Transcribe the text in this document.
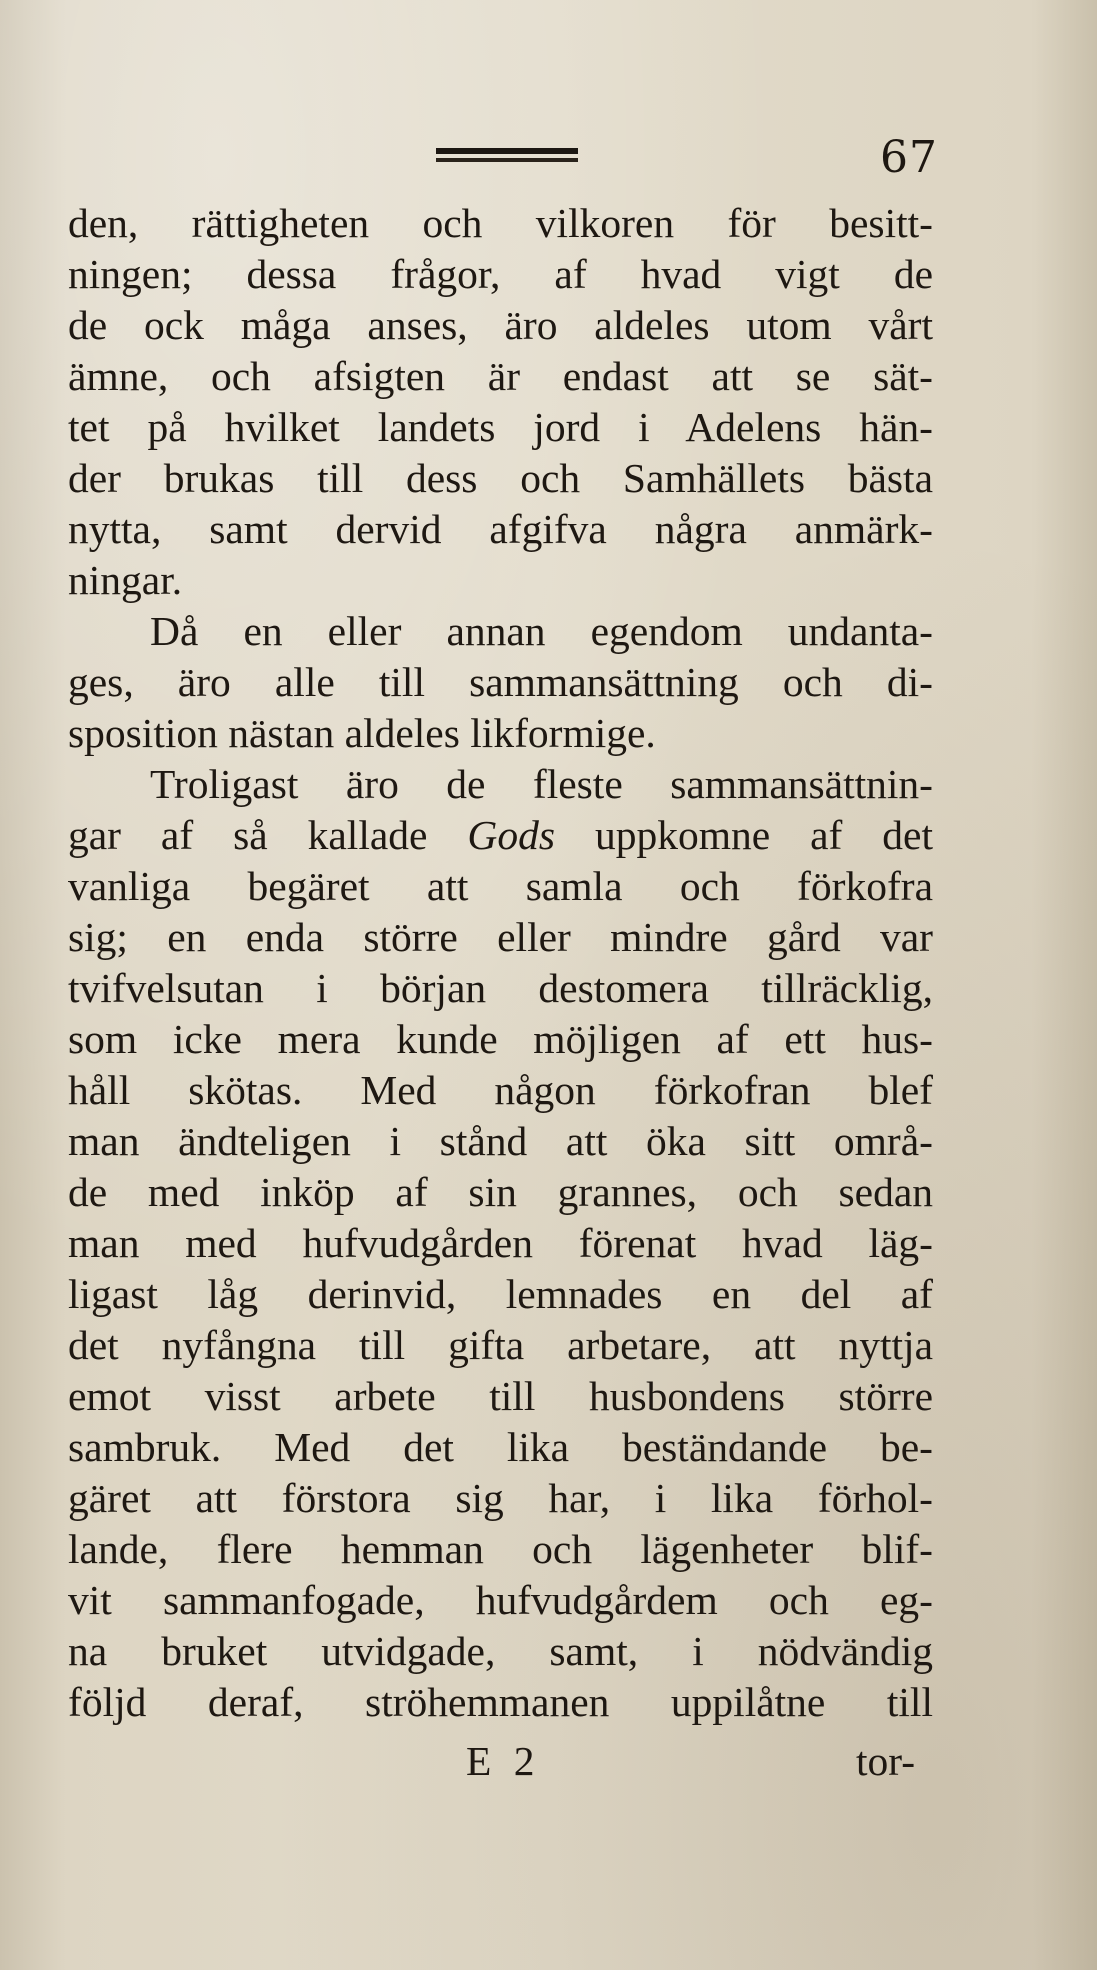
67
den, rättigheten och vilkoren för besitt-
ningen; dessa frågor, af hvad vigt de
de ock måga anses, äro aldeles utom vårt
ämne, och afsigten är endast att se sät-
tet på hvilket landets jord i Adelens hän-
der brukas till dess och Samhällets bästa
nytta, samt dervid afgifva några anmärk-
ningar.
Då en eller annan egendom undanta-
ges, äro alle till sammansättning och di-
sposition nästan aldeles likformige.
Troligast äro de fleste sammansättnin-
gar af så kallade Gods uppkomne af det
vanliga begäret att samla och förkofra
sig; en enda större eller mindre gård var
tvifvelsutan i början destomera tillräcklig,
som icke mera kunde möjligen af ett hus-
håll skötas. Med någon förkofran blef
man ändteligen i stånd att öka sitt områ-
de med inköp af sin grannes, och sedan
man med hufvudgården förenat hvad läg-
ligast låg derinvid, lemnades en del af
det nyfångna till gifta arbetare, att nyttja
emot visst arbete till husbondens större
sambruk. Med det lika beständande be-
gäret att förstora sig har, i lika förhol-
lande, flere hemman och lägenheter blif-
vit sammanfogade, hufvudgårdem och eg-
na bruket utvidgade, samt, i nödvändig
följd deraf, ströhemmanen uppilåtne till
E 2	tor-
